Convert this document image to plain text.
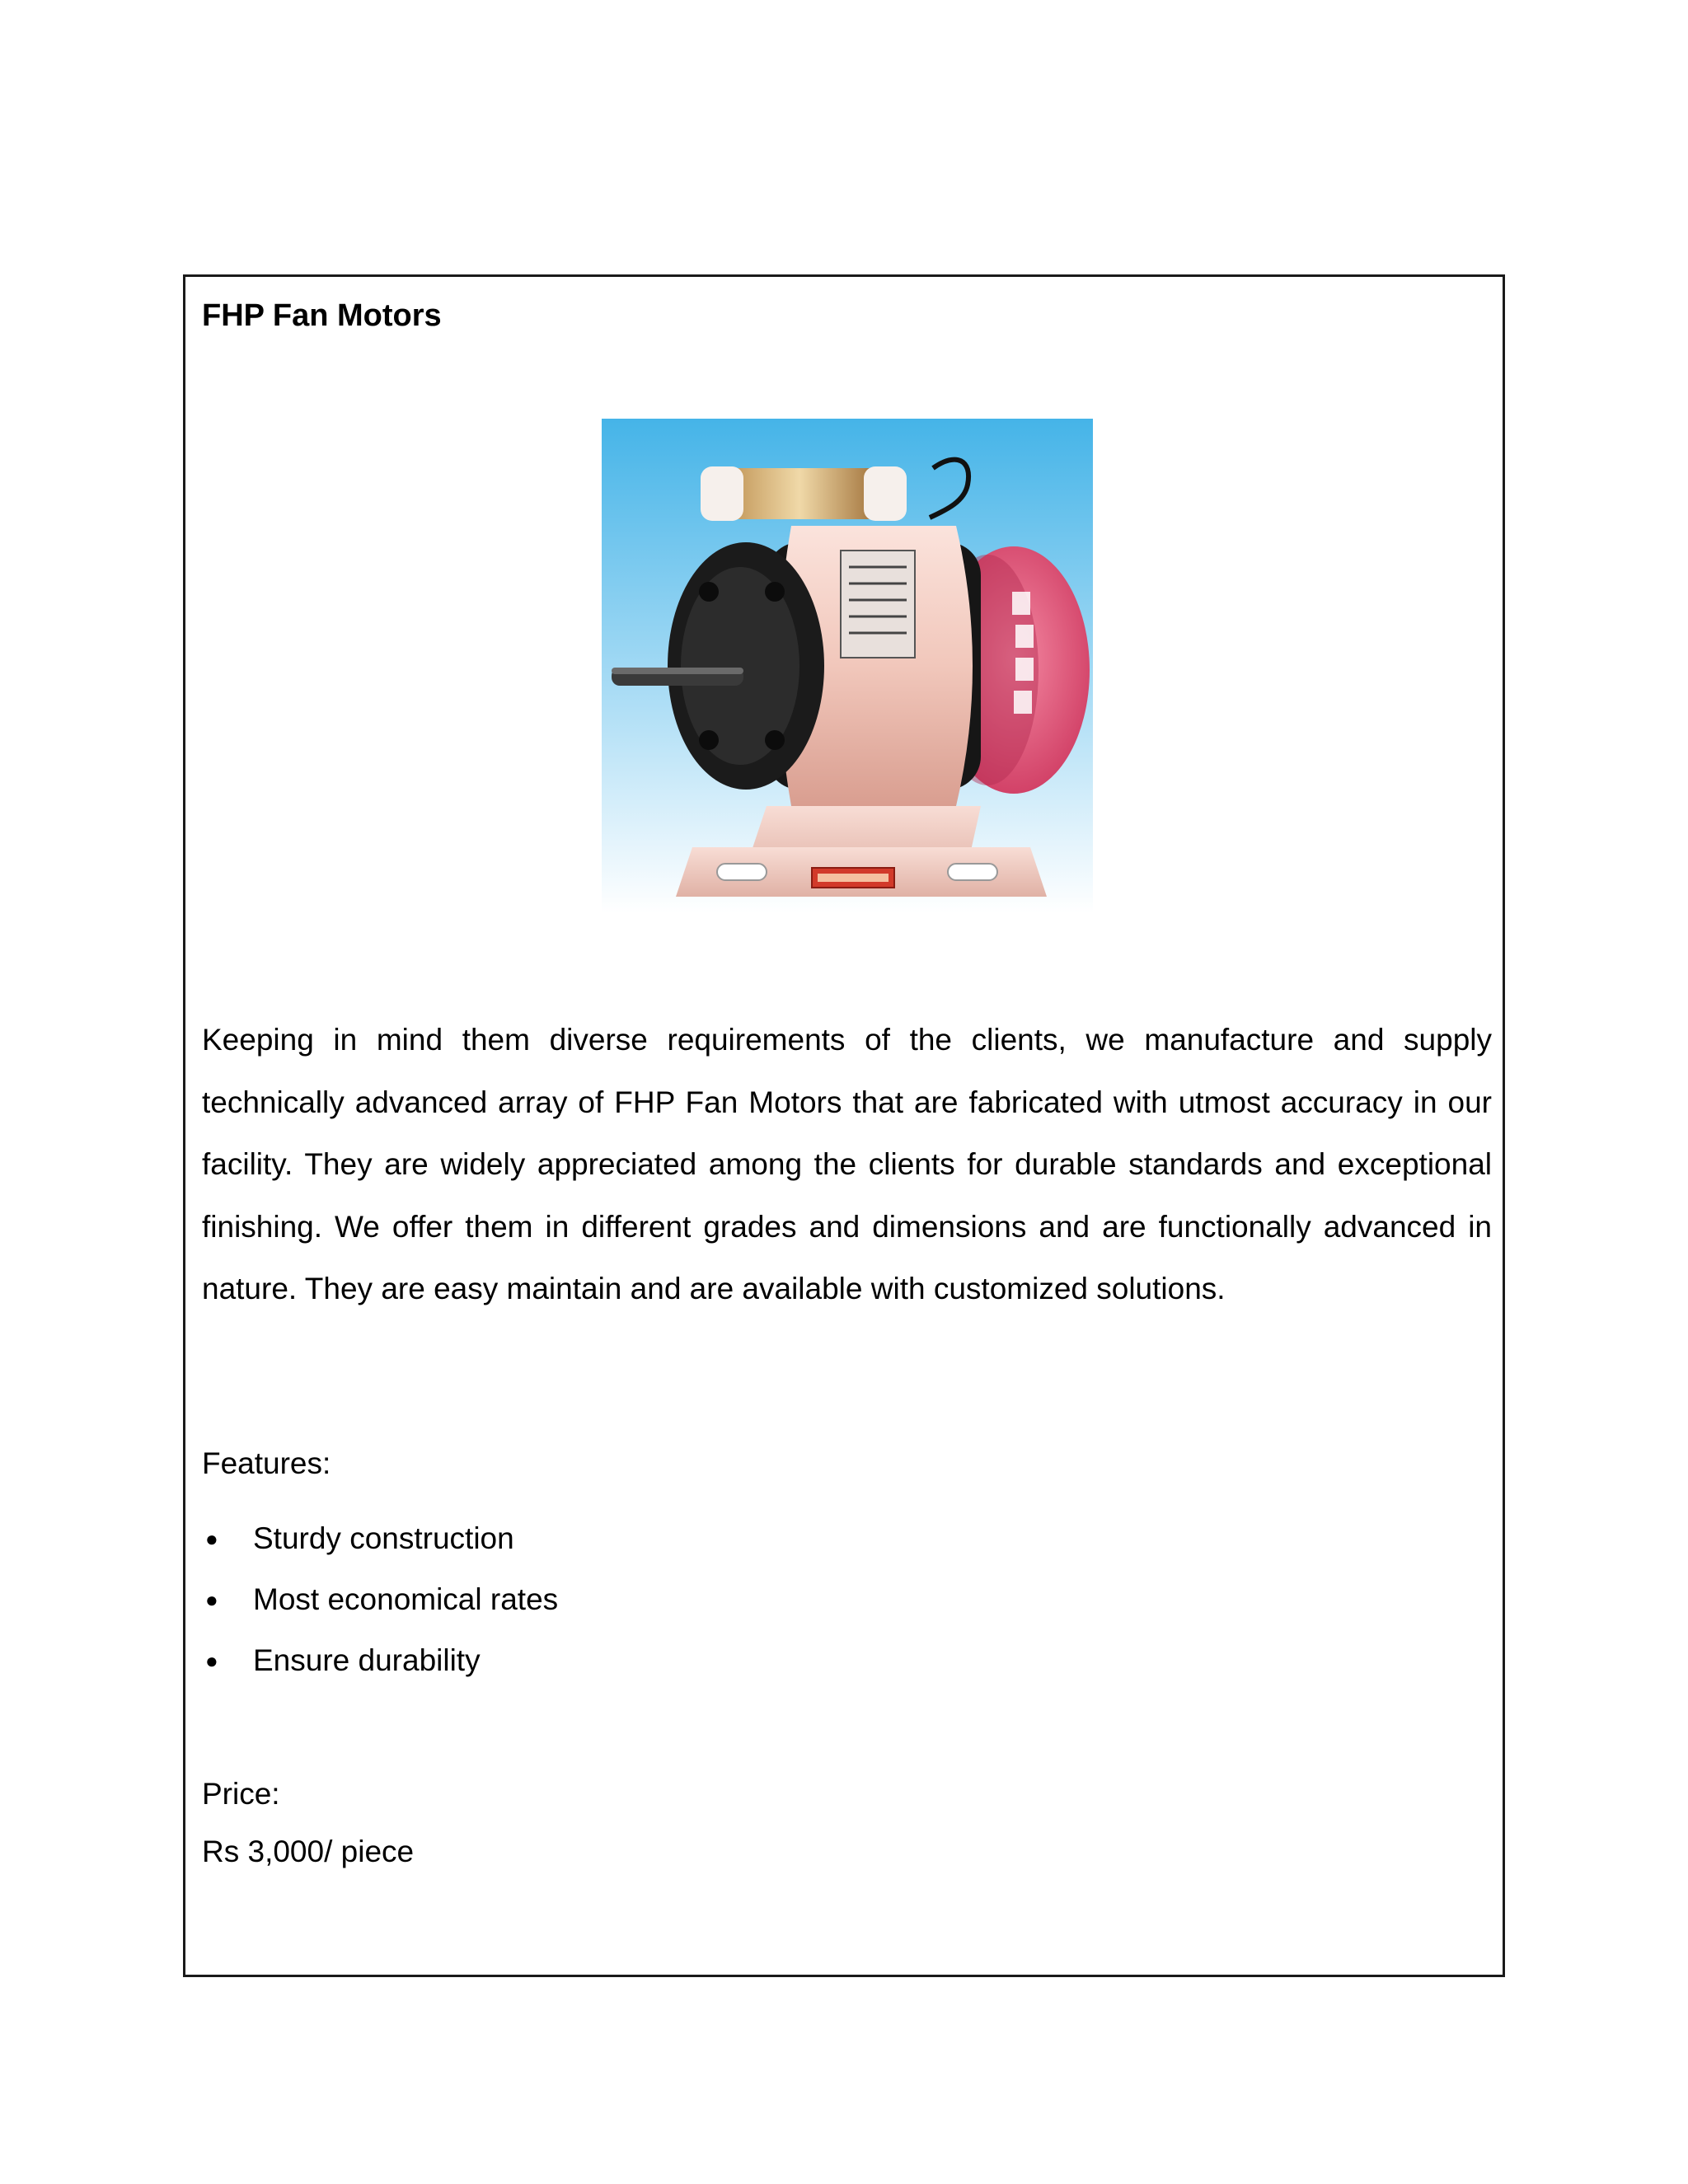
FHP Fan Motors

Keeping in mind them diverse requirements of the clients, we manufacture and supply technically advanced array of FHP Fan Motors that are fabricated with utmost accuracy in our facility. They are widely appreciated among the clients for durable standards and exceptional finishing. We offer them in different grades and dimensions and are functionally advanced in nature. They are easy maintain and are available with customized solutions.

Features:

● Sturdy construction
● Most economical rates
● Ensure durability

Price:

Rs 3,000/ piece
